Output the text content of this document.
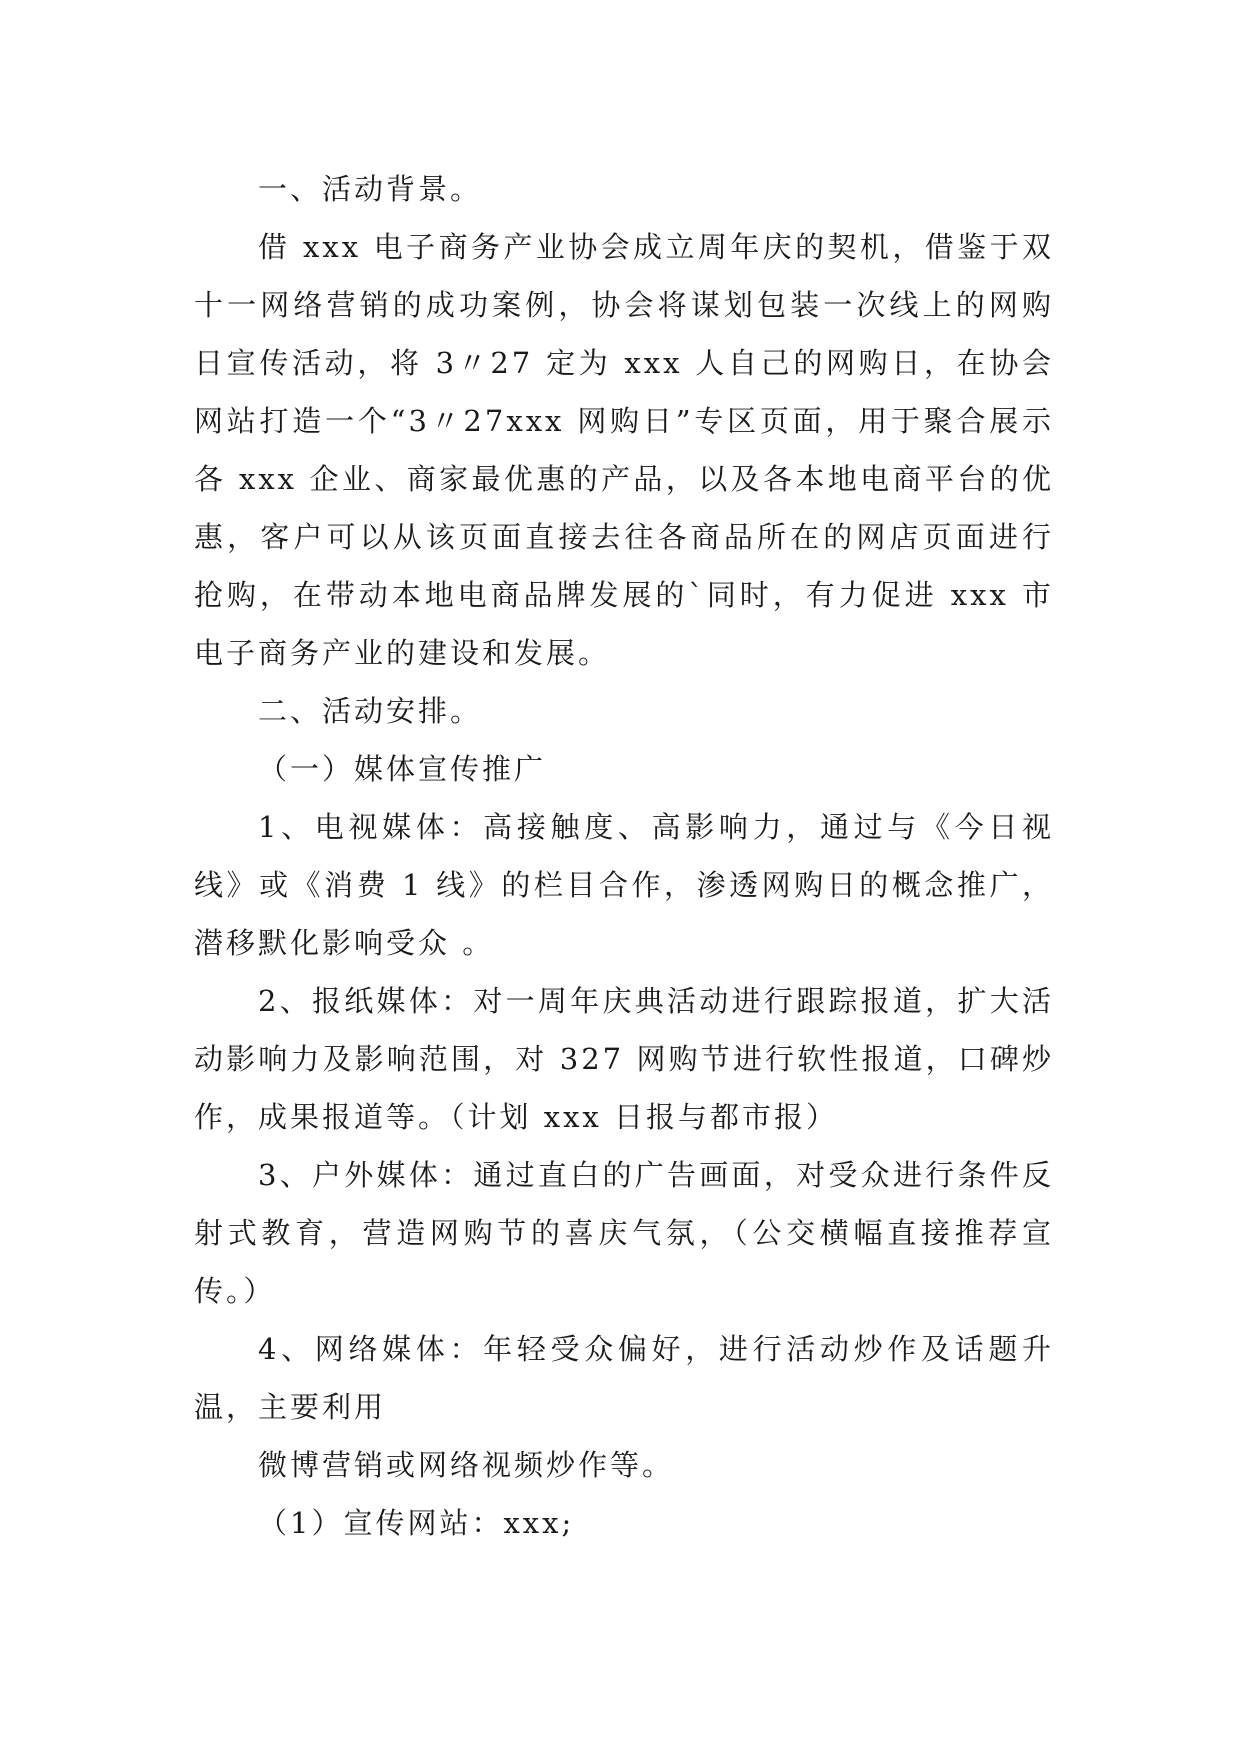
一、活动背景。

借 xxx 电子商务产业协会成立周年庆的契机，借鉴于双十一网络营销的成功案例，协会将谋划包装一次线上的网购日宣传活动，将 3〃27 定为 xxx 人自己的网购日，在协会网站打造一个“3〃27xxx 网购日”专区页面，用于聚合展示各 xxx 企业、商家最优惠的产品，以及各本地电商平台的优惠，客户可以从该页面直接去往各商品所在的网店页面进行抢购，在带动本地电商品牌发展的`同时，有力促进 xxx 市电子商务产业的建设和发展。

二、活动安排。

（一）媒体宣传推广

1、电视媒体：高接触度、高影响力，通过与《今日视线》或《消费 1 线》的栏目合作，渗透网购日的概念推广，潜移默化影响受众 。

2、报纸媒体：对一周年庆典活动进行跟踪报道，扩大活动影响力及影响范围，对 327 网购节进行软性报道，口碑炒作，成果报道等。（计划 xxx 日报与都市报）

3、户外媒体：通过直白的广告画面，对受众进行条件反射式教育，营造网购节的喜庆气氛，（公交横幅直接推荐宣传。）

4、网络媒体：年轻受众偏好，进行活动炒作及话题升温，主要利用

微博营销或网络视频炒作等。

（1）宣传网站：xxx;
